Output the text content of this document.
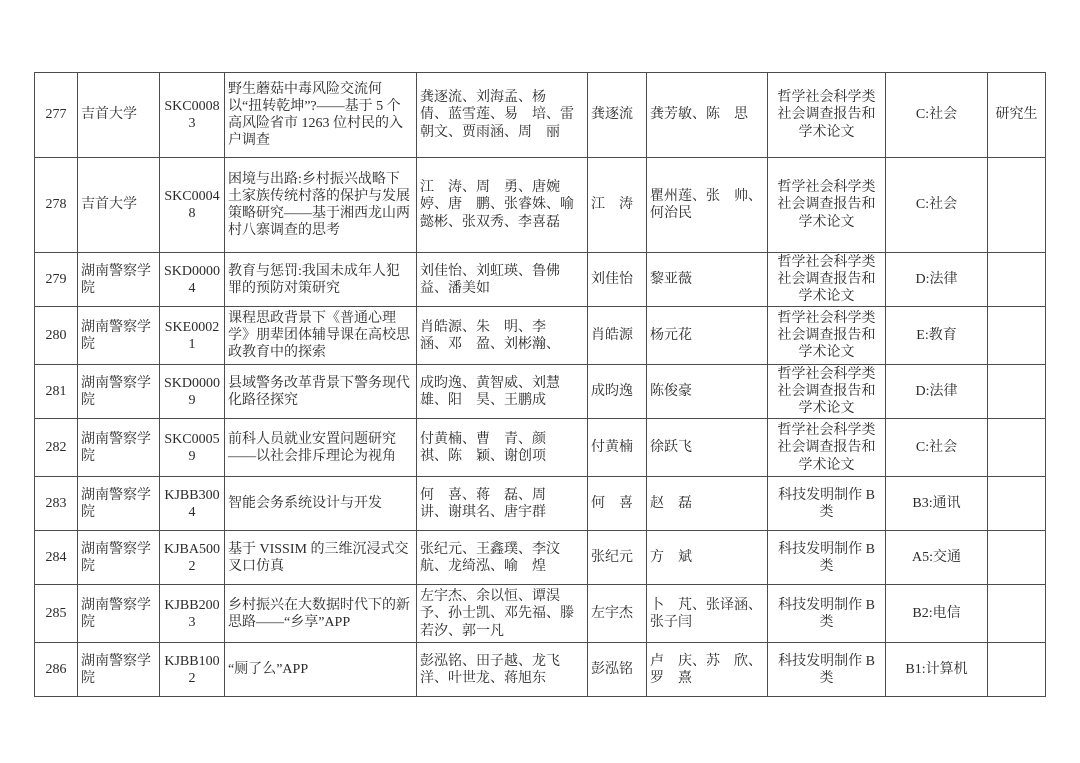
277	吉首大学	SKC00083	野生蘑菇中毒风险交流何以“扭转乾坤”?——基于 5 个高风险省市 1263 位村民的入户调查	龚逐流、刘海孟、杨　倩、蓝雪莲、易　培、雷朝文、贾雨涵、周　丽	龚逐流	龚芳敏、陈　思	哲学社会科学类社会调查报告和学术论文	C:社会	研究生
278	吉首大学	SKC00048	困境与出路:乡村振兴战略下土家族传统村落的保护与发展策略研究——基于湘西龙山两村八寨调查的思考	江　涛、周　勇、唐婉婷、唐　鹏、张睿姝、喻懿彬、张双秀、李喜磊	江　涛	瞿州莲、张　帅、何治民	哲学社会科学类社会调查报告和学术论文	C:社会	
279	湖南警察学院	SKD00004	教育与惩罚:我国未成年人犯罪的预防对策研究	刘佳怡、刘虹瑛、鲁佛益、潘美如	刘佳怡	黎亚薇	哲学社会科学类社会调查报告和学术论文	D:法律	
280	湖南警察学院	SKE00021	课程思政背景下《普通心理学》朋辈团体辅导课在高校思政教育中的探索	肖皓源、朱　明、李　涵、邓　盈、刘彬瀚、	肖皓源	杨元花	哲学社会科学类社会调查报告和学术论文	E:教育	
281	湖南警察学院	SKD00009	县域警务改革背景下警务现代化路径探究	成昀逸、黄智威、刘慧雄、阳　昊、王鹏成	成昀逸	陈俊豪	哲学社会科学类社会调查报告和学术论文	D:法律	
282	湖南警察学院	SKC00059	前科人员就业安置问题研究——以社会排斥理论为视角	付黄楠、曹　青、颜　祺、陈　颖、谢创项	付黄楠	徐跃飞	哲学社会科学类社会调查报告和学术论文	C:社会	
283	湖南警察学院	KJBB3004	智能会务系统设计与开发	何　喜、蒋　磊、周　讲、谢琪名、唐宇群	何　喜	赵　磊	科技发明制作 B 类	B3:通讯	
284	湖南警察学院	KJBA5002	基于 VISSIM 的三维沉浸式交叉口仿真	张纪元、王鑫璞、李汶航、龙绮泓、喻　煌	张纪元	方　斌	科技发明制作 B 类	A5:交通	
285	湖南警察学院	KJBB2003	乡村振兴在大数据时代下的新思路——“乡享”APP	左宇杰、余以恒、谭淏予、孙士凯、邓先福、滕若汐、郭一凡	左宇杰	卜　芃、张译涵、张子闫	科技发明制作 B 类	B2:电信	
286	湖南警察学院	KJBB1002	“厕了么”APP	彭泓铭、田子越、龙飞洋、叶世龙、蒋旭东	彭泓铭	卢　庆、苏　欣、罗　熹	科技发明制作 B 类	B1:计算机	
